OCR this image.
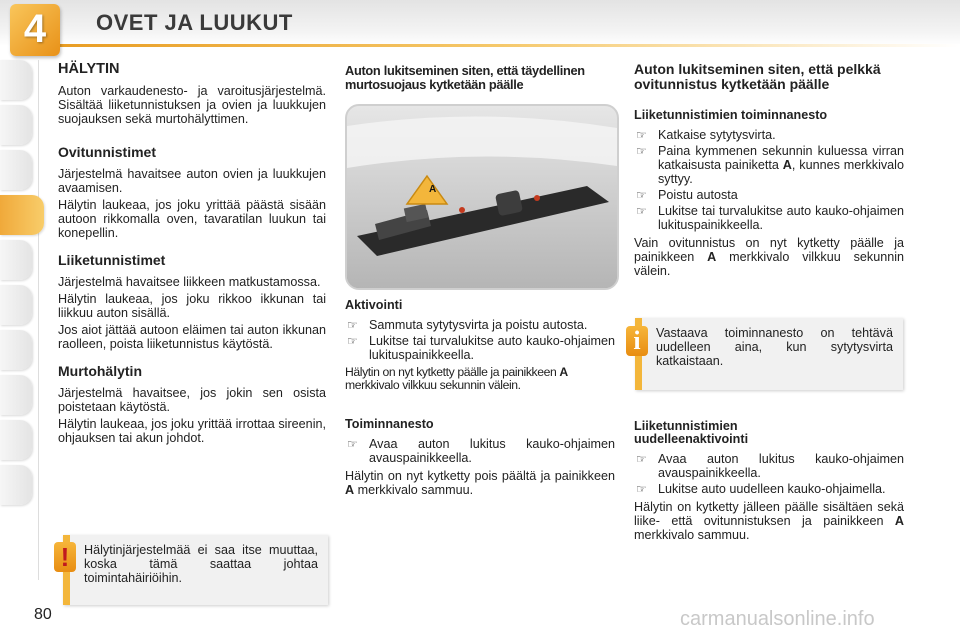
4	OVET JA LUUKUT
HÄLYTIN

Auton varkaudenesto- ja varoitusjärjestelmä. Sisältää liiketunnistuksen ja ovien ja luukkujen suojauksen sekä murtohälyttimen.

Ovitunnistimet

Järjestelmä havaitsee auton ovien ja luukkujen avaamisen.

Hälytin laukeaa, jos joku yrittää päästä sisään autoon rikkomalla oven, tavaratilan luukun tai konepellin.

Liiketunnistimet

Järjestelmä havaitsee liikkeen matkustamossa.

Hälytin laukeaa, jos joku rikkoo ikkunan tai liikkuu auton sisällä.

Jos aiot jättää autoon eläimen tai auton ikkunan raolleen, poista liiketunnistus käytöstä.

Murtohälytin

Järjestelmä havaitsee, jos jokin sen osista poistetaan käytöstä.

Hälytin laukeaa, jos joku yrittää irrottaa sireenin, ohjauksen tai akun johdot.

Hälytinjärjestelmää ei saa itse muuttaa, koska tämä saattaa johtaa toimintahäiriöihin.
!

Auton lukitseminen siten, että täydellinen murtosuojaus kytketään päälle

A
Aktivointi
☞ Sammuta sytytysvirta ja poistu autosta.
☞ Lukitse tai turvalukitse auto kauko-ohjaimen lukituspainikkeella.

Hälytin on nyt kytketty päälle ja painikkeen A merkkivalo vilkkuu sekunnin välein.

Toiminnanesto
☞ Avaa auton lukitus kauko-ohjaimen avauspainikkeella.

Hälytin on nyt kytketty pois päältä ja painikkeen A merkkivalo sammuu.

Auton lukitseminen siten, että pelkkä ovitunnistus kytketään päälle

Liiketunnistimien toiminnanesto
☞ Katkaise sytytysvirta.
☞ Paina kymmenen sekunnin kuluessa virran katkaisusta painiketta A, kunnes merkkivalo syttyy.
☞ Poistu autosta
☞ Lukitse tai turvalukitse auto kauko-ohjaimen lukituspainikkeella.

Vain ovitunnistus on nyt kytketty päälle ja painikkeen A merkkivalo vilkkuu sekunnin välein.

Vastaava toiminnanesto on tehtävä uudelleen aina, kun sytytysvirta katkaistaan.
i
Liiketunnistimien
uudelleenaktivointi
☞ Avaa auton lukitus kauko-ohjaimen avauspainikkeella.
☞ Lukitse auto uudelleen kauko-ohjaimella.

Hälytin on kytketty jälleen päälle sisältäen sekä liike- että ovitunnistuksen ja painikkeen A merkkivalo sammuu.

80	carmanualsonline.info
